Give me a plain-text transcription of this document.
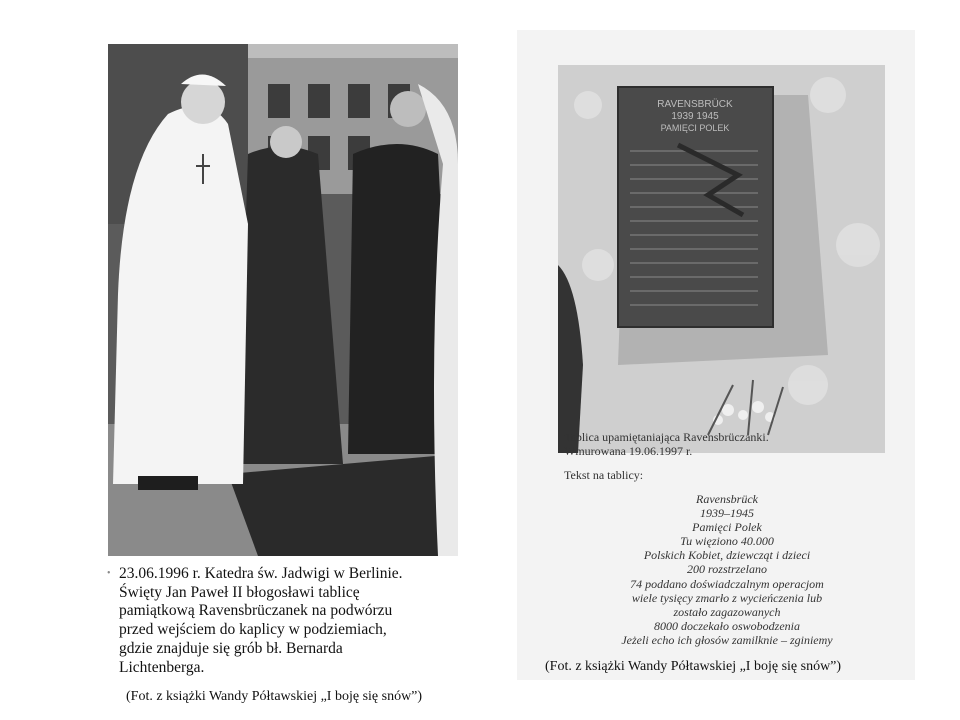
• 23.06.1996 r. Katedra św. Jadwigi w Berlinie.
Święty Jan Paweł II błogosławi tablicę
pamiątkową Ravensbrüczanek na podwórzu
przed wejściem do kaplicy w podziemiach,
gdzie znajduje się grób bł. Bernarda
Lichtenberga.
(Fot. z książki Wandy Półtawskiej „I boję się snów”)
RAVENSBRÜCK
1939 1945
PAMIĘCI POLEK
Tablica upamiętaniająca Ravensbrüczanki.
Wmurowana 19.06.1997 r.
Tekst na tablicy:
Ravensbrück
1939–1945
Pamięci Polek
Tu więziono 40.000
Polskich Kobiet, dziewcząt i dzieci
200 rozstrzelano
74 poddano doświadczalnym operacjom
wiele tysięcy zmarło z wycieńczenia lub
zostało zagazowanych
8000 doczekało oswobodzenia
Jeżeli echo ich głosów zamilknie – zginiemy
(Fot. z książki Wandy Półtawskiej „I boję się snów”)
